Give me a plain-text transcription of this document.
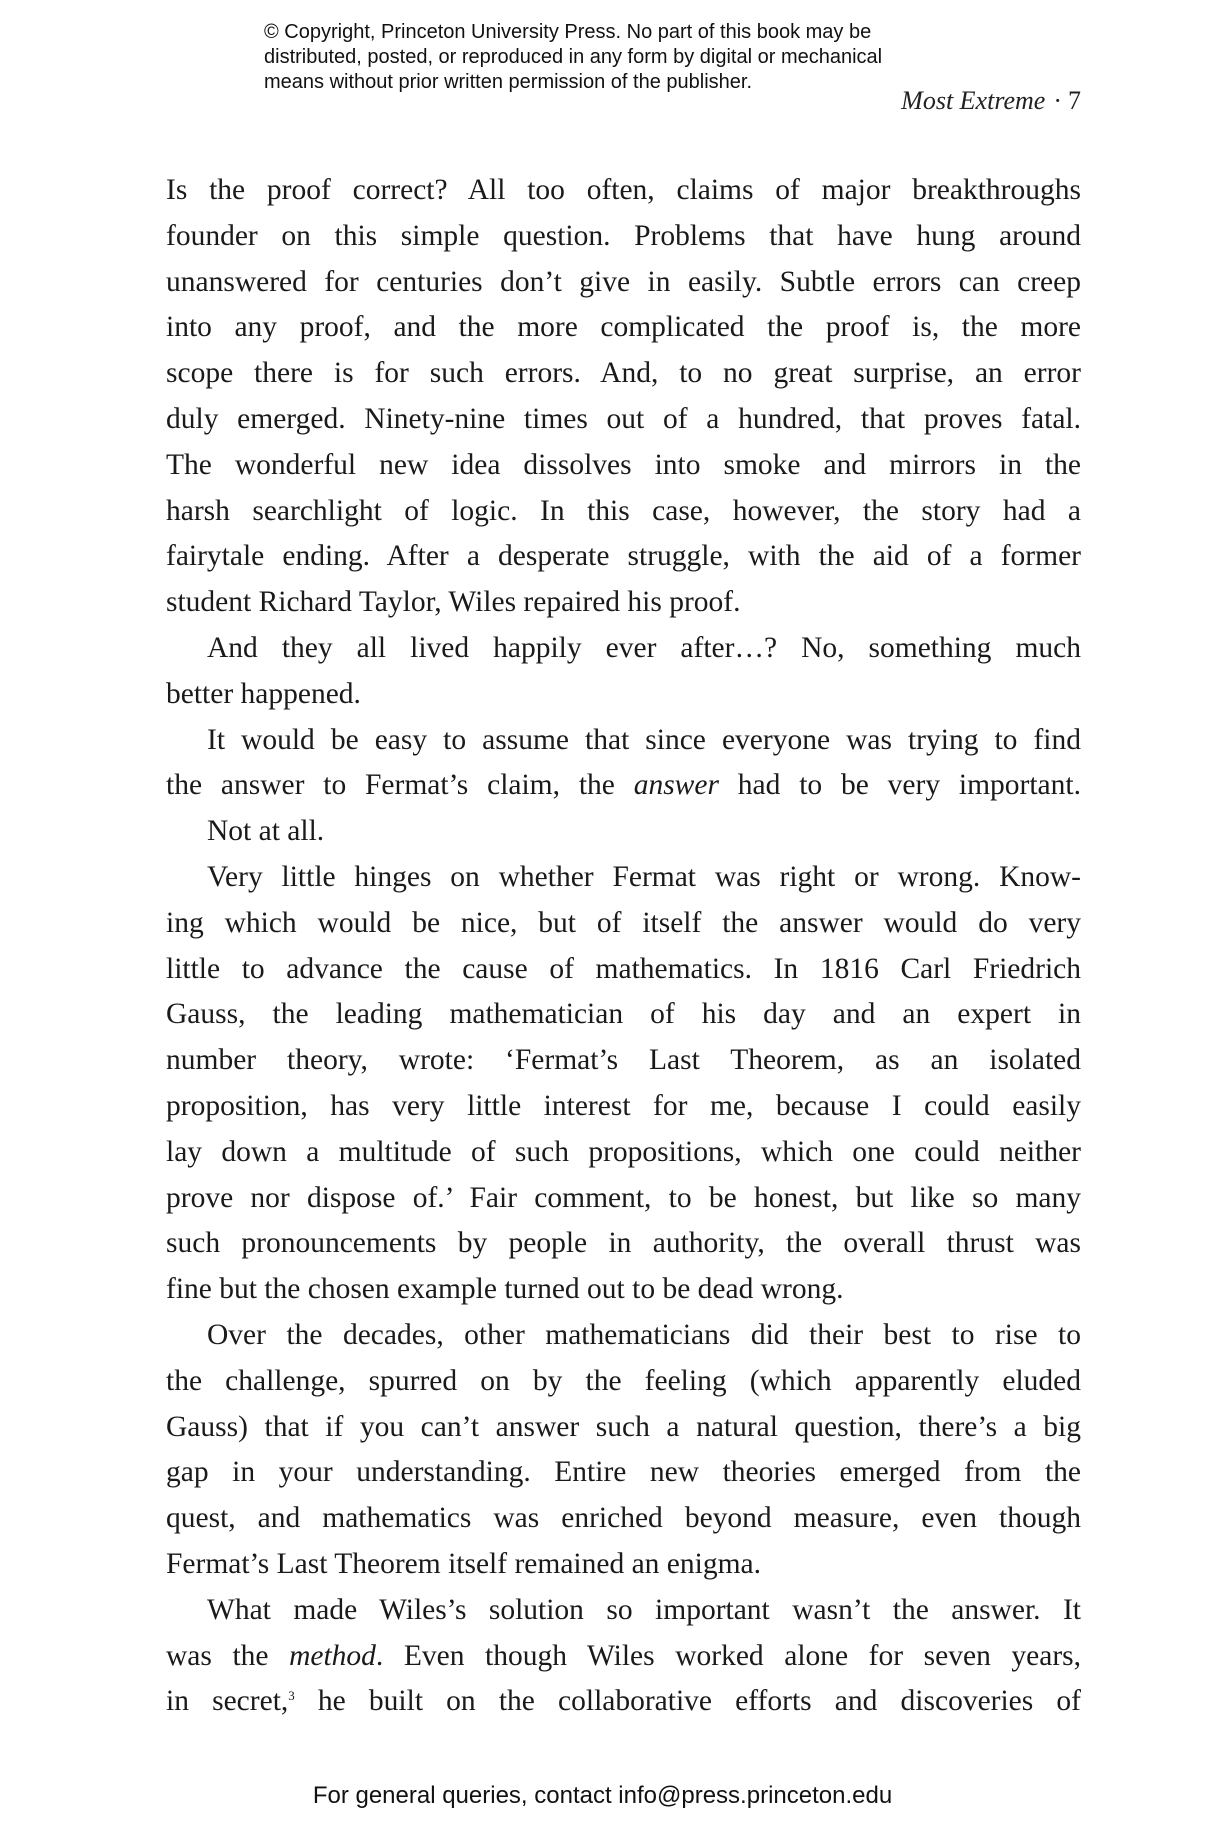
© Copyright, Princeton University Press. No part of this book may be
distributed, posted, or reproduced in any form by digital or mechanical
means without prior written permission of the publisher.
Most Extreme · 7

Is the proof correct? All too often, claims of major breakthroughs
founder on this simple question. Problems that have hung around
unanswered for centuries don’t give in easily. Subtle errors can creep
into any proof, and the more complicated the proof is, the more
scope there is for such errors. And, to no great surprise, an error
duly emerged. Ninety-nine times out of a hundred, that proves fatal.
The wonderful new idea dissolves into smoke and mirrors in the
harsh searchlight of logic. In this case, however, the story had a
fairytale ending. After a desperate struggle, with the aid of a former
student Richard Taylor, Wiles repaired his proof.

And they all lived happily ever after…? No, something much
better happened.

It would be easy to assume that since everyone was trying to find
the answer to Fermat’s claim, the answer had to be very important.

Not at all.

Very little hinges on whether Fermat was right or wrong. Know-
ing which would be nice, but of itself the answer would do very
little to advance the cause of mathematics. In 1816 Carl Friedrich
Gauss, the leading mathematician of his day and an expert in
number theory, wrote: ‘Fermat’s Last Theorem, as an isolated
proposition, has very little interest for me, because I could easily
lay down a multitude of such propositions, which one could neither
prove nor dispose of.’ Fair comment, to be honest, but like so many
such pronouncements by people in authority, the overall thrust was
fine but the chosen example turned out to be dead wrong.

Over the decades, other mathematicians did their best to rise to
the challenge, spurred on by the feeling (which apparently eluded
Gauss) that if you can’t answer such a natural question, there’s a big
gap in your understanding. Entire new theories emerged from the
quest, and mathematics was enriched beyond measure, even though
Fermat’s Last Theorem itself remained an enigma.

What made Wiles’s solution so important wasn’t the answer. It
was the method. Even though Wiles worked alone for seven years,
in secret,$^3$ he built on the collaborative efforts and discoveries of

For general queries, contact info@press.princeton.edu
